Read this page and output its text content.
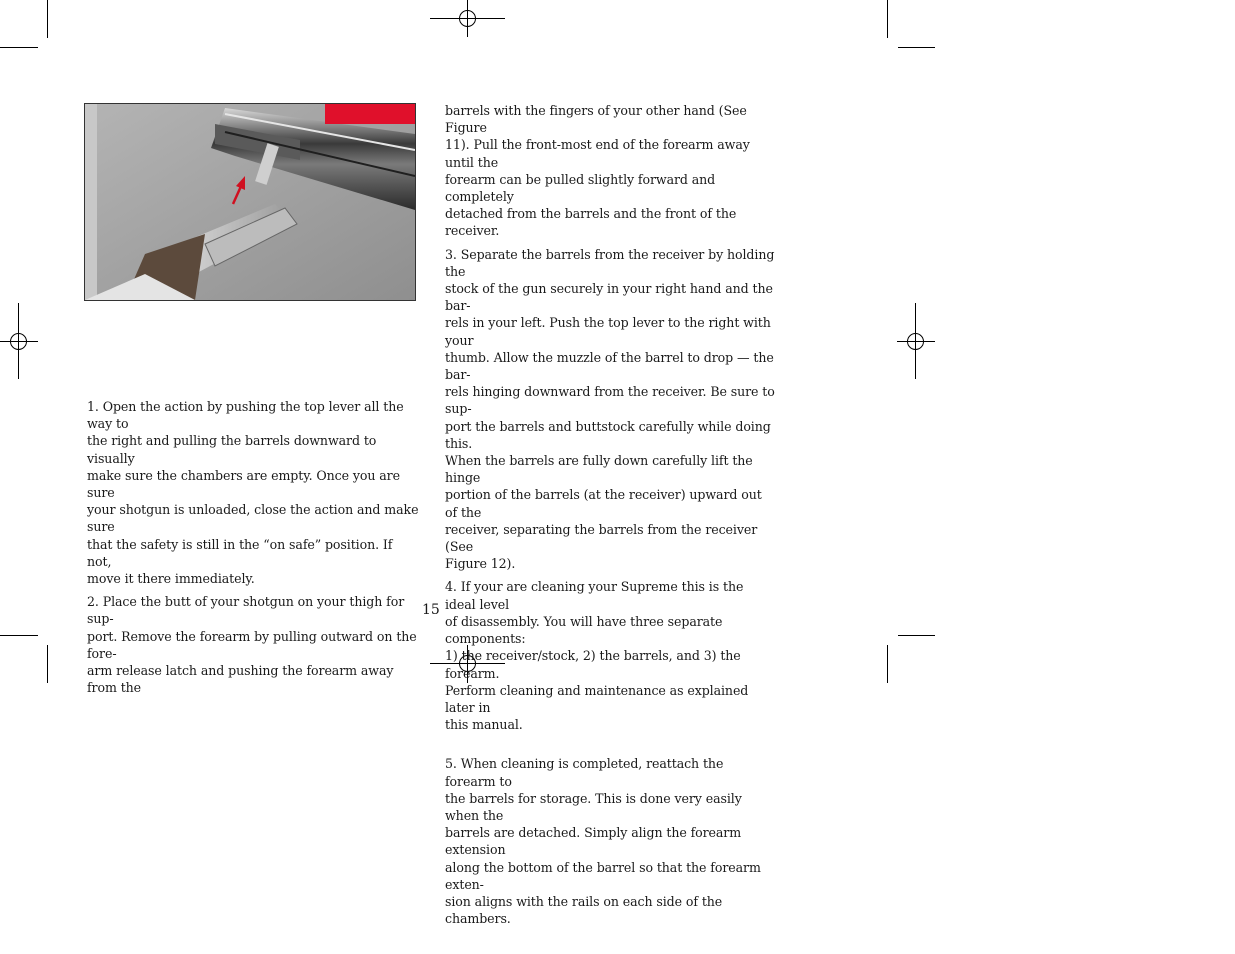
1. Open the action by pushing the top lever all the way to
the right and pulling the barrels downward to visually
make sure the chambers are empty. Once you are sure
your shotgun is unloaded, close the action and make sure
that the safety is still in the “on safe” position. If not,
move it there immediately.

2. Place the butt of your shotgun on your thigh for sup-
port. Remove the forearm by pulling outward on the fore-
arm release latch and pushing the forearm away from the

barrels with the fingers of your other hand (See Figure
11). Pull the front-most end of the forearm away until the
forearm can be pulled slightly forward and completely
detached from the barrels and the front of the receiver.

3. Separate the barrels from the receiver by holding the
stock of the gun securely in your right hand and the bar-
rels in your left. Push the top lever to the right with your
thumb. Allow the muzzle of the barrel to drop — the bar-
rels hinging downward from the receiver. Be sure to sup-
port the barrels and buttstock carefully while doing this.
When the barrels are fully down carefully lift the hinge
portion of the barrels (at the receiver) upward out of the
receiver, separating the barrels from the receiver (See
Figure 12).

4. If your are cleaning your Supreme this is the ideal level
of disassembly. You will have three separate components:
1) the receiver/stock, 2) the barrels, and 3) the forearm.
Perform cleaning and maintenance as explained later in
this manual.

5. When cleaning is completed, reattach the forearm to
the barrels for storage. This is done very easily when the
barrels are detached. Simply align the forearm extension
along the bottom of the barrel so that the forearm exten-
sion aligns with the rails on each side of the chambers.

15
